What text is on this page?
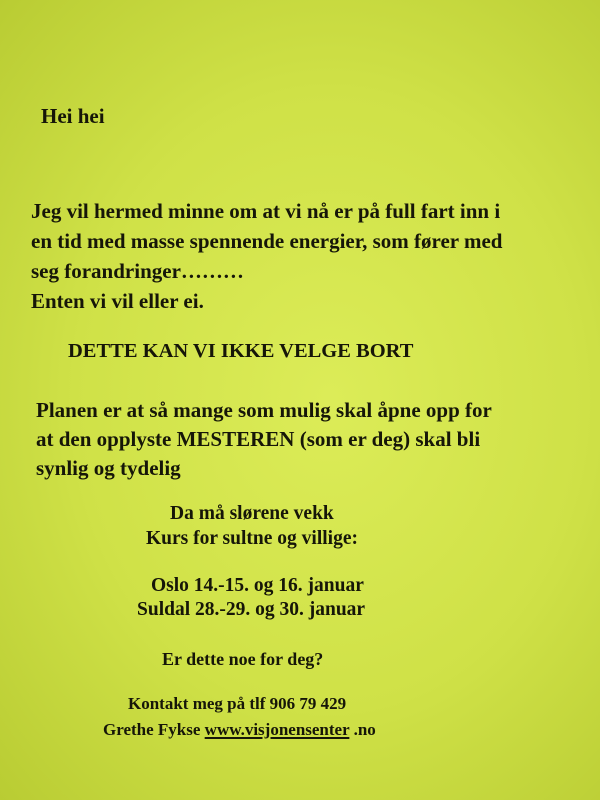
Hei hei

Jeg vil hermed minne om at vi nå er på full fart inn i
en tid med masse spennende energier, som fører med
seg forandringer………
Enten vi vil eller ei.

DETTE KAN VI IKKE VELGE BORT

Planen er at så mange som mulig skal åpne opp for
at den opplyste MESTEREN (som er deg) skal bli
synlig og tydelig
Da må slørene vekk
Kurs for sultne og villige:
Oslo 14.-15. og 16. januar
Suldal 28.-29. og 30. januar
Er dette noe for deg?
Kontakt meg på tlf 906 79 429
Grethe Fykse www.visjonensenter .no
